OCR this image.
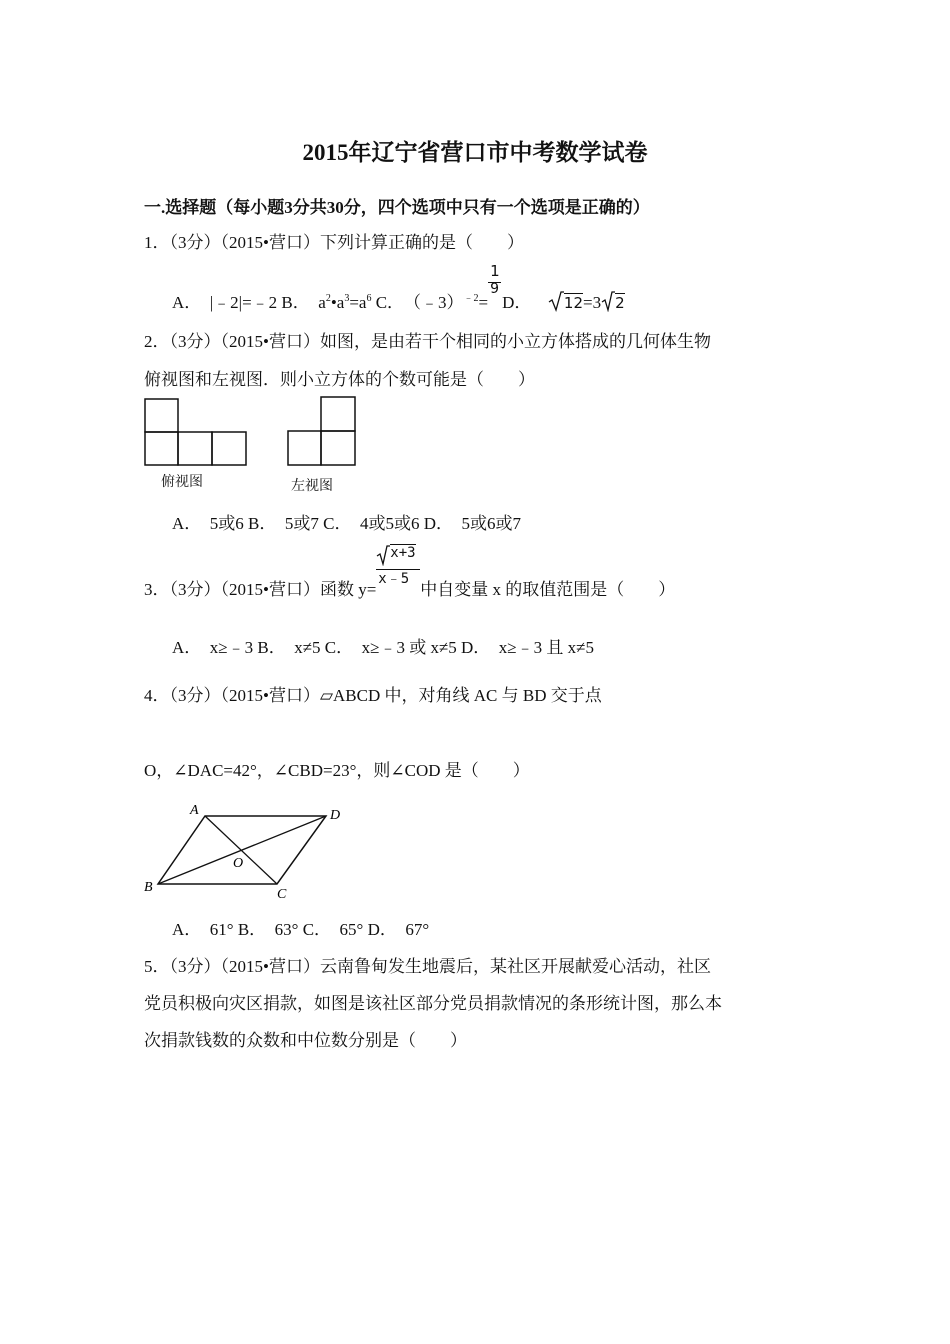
2015年辽宁省营口市中考数学试卷
一.选择题（每小题3分共30分，四个选项中只有一个选项是正确的）
1．（3分）（2015•营口）下列计算正确的是（　　）
A．　|﹣2|=﹣2 B．　$a^2•a^3=a^6$ C．　（﹣3）$^{﹣2}$= $\frac{1}{9}$ D． 12=3 2
2．（3分）（2015•营口）如图，是由若干个相同的小立方体搭成的几何体生物
俯视图和左视图．则小立方体的个数可能是（　　）
俯视图	左视图
A．　5或6 B．　5或7 C．　4或5或6 D．　5或6或7
3．（3分）（2015•营口）函数 $y= \frac{x+3}{x﹣5}$ 中自变量 x 的取值范围是（　　）
A．　x≥﹣3 B．　x≠5 C．　x≥﹣3 或 x≠5 D．　x≥﹣3 且 x≠5
4．（3分）（2015•营口）▱ABCD 中，对角线 AC 与 BD 交于点
O，∠DAC=42°，∠CBD=23°，则∠COD 是（　　）
A	D
B	C
O
A．　61° B．　63° C．　65° D．　67°
5．（3分）（2015•营口）云南鲁甸发生地震后，某社区开展献爱心活动，社区
党员积极向灾区捐款，如图是该社区部分党员捐款情况的条形统计图，那么本
次捐款钱数的众数和中位数分别是（　　）
